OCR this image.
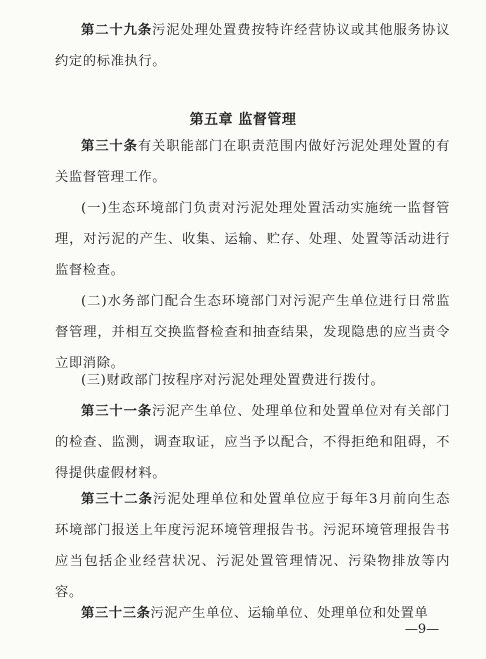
第二十九条污泥处理处置费按特许经营协议或其他服务协议约定的标准执行。

第五章 监督管理

第三十条有关职能部门在职责范围内做好污泥处理处置的有关监督管理工作。

(一)生态环境部门负责对污泥处理处置活动实施统一监督管理，对污泥的产生、收集、运输、贮存、处理、处置等活动进行监督检查。

(二)水务部门配合生态环境部门对污泥产生单位进行日常监督管理，并相互交换监督检查和抽查结果，发现隐患的应当责令立即消除。

(三)财政部门按程序对污泥处理处置费进行拨付。

第三十一条污泥产生单位、处理单位和处置单位对有关部门的检查、监测，调查取证，应当予以配合，不得拒绝和阻碍，不得提供虚假材料。

第三十二条污泥处理单位和处置单位应于每年3月前向生态环境部门报送上年度污泥环境管理报告书。污泥环境管理报告书应当包括企业经营状况、污泥处置管理情况、污染物排放等内容。

第三十三条污泥产生单位、运输单位、处理单位和处置单

—9—
